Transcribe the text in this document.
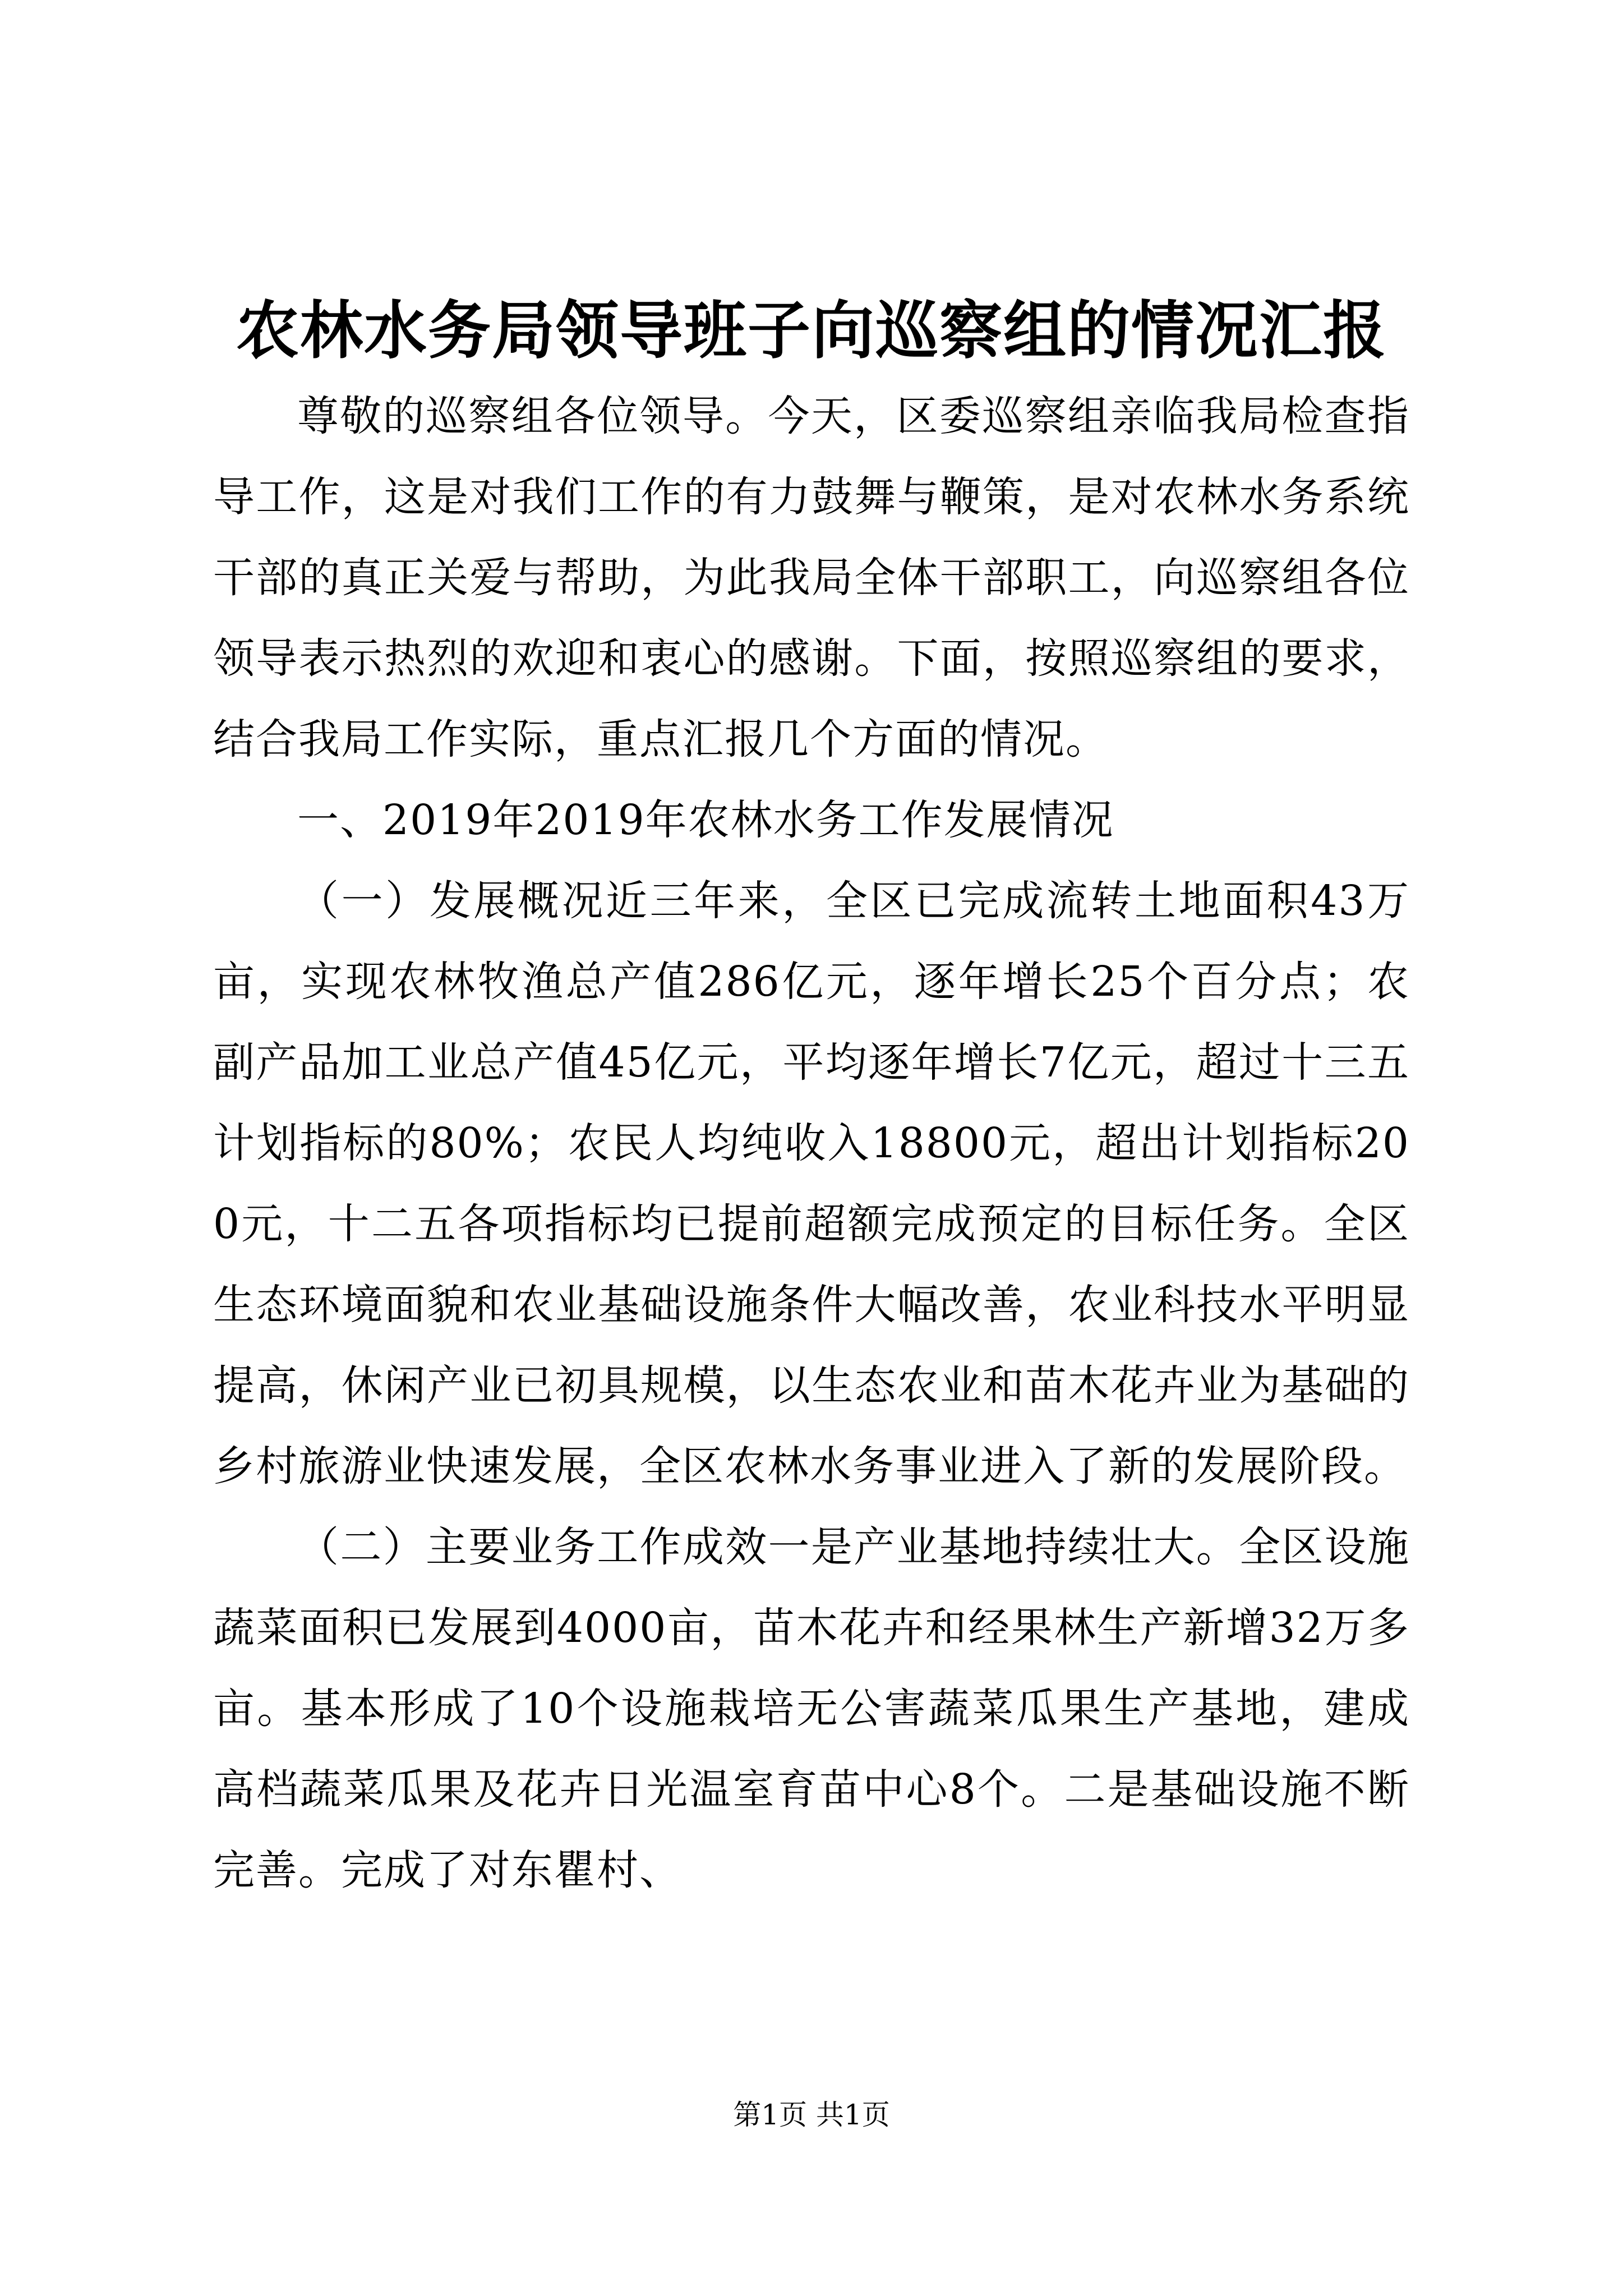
农林水务局领导班子向巡察组的情况汇报

尊敬的巡察组各位领导。今天，区委巡察组亲临我局检查指导工作，这是对我们工作的有力鼓舞与鞭策，是对农林水务系统干部的真正关爱与帮助，为此我局全体干部职工，向巡察组各位领导表示热烈的欢迎和衷心的感谢。下面，按照巡察组的要求，结合我局工作实际，重点汇报几个方面的情况。

一、2019年2019年农林水务工作发展情况

（一）发展概况近三年来，全区已完成流转土地面积43万亩，实现农林牧渔总产值286亿元，逐年增长25个百分点；农副产品加工业总产值45亿元，平均逐年增长7亿元，超过十三五计划指标的80%；农民人均纯收入18800元，超出计划指标200元，十二五各项指标均已提前超额完成预定的目标任务。全区生态环境面貌和农业基础设施条件大幅改善，农业科技水平明显提高，休闲产业已初具规模，以生态农业和苗木花卉业为基础的乡村旅游业快速发展，全区农林水务事业进入了新的发展阶段。

（二）主要业务工作成效一是产业基地持续壮大。全区设施蔬菜面积已发展到4000亩，苗木花卉和经果林生产新增32万多亩。基本形成了10个设施栽培无公害蔬菜瓜果生产基地，建成高档蔬菜瓜果及花卉日光温室育苗中心8个。二是基础设施不断完善。完成了对东瞿村、

第1页 共1页
